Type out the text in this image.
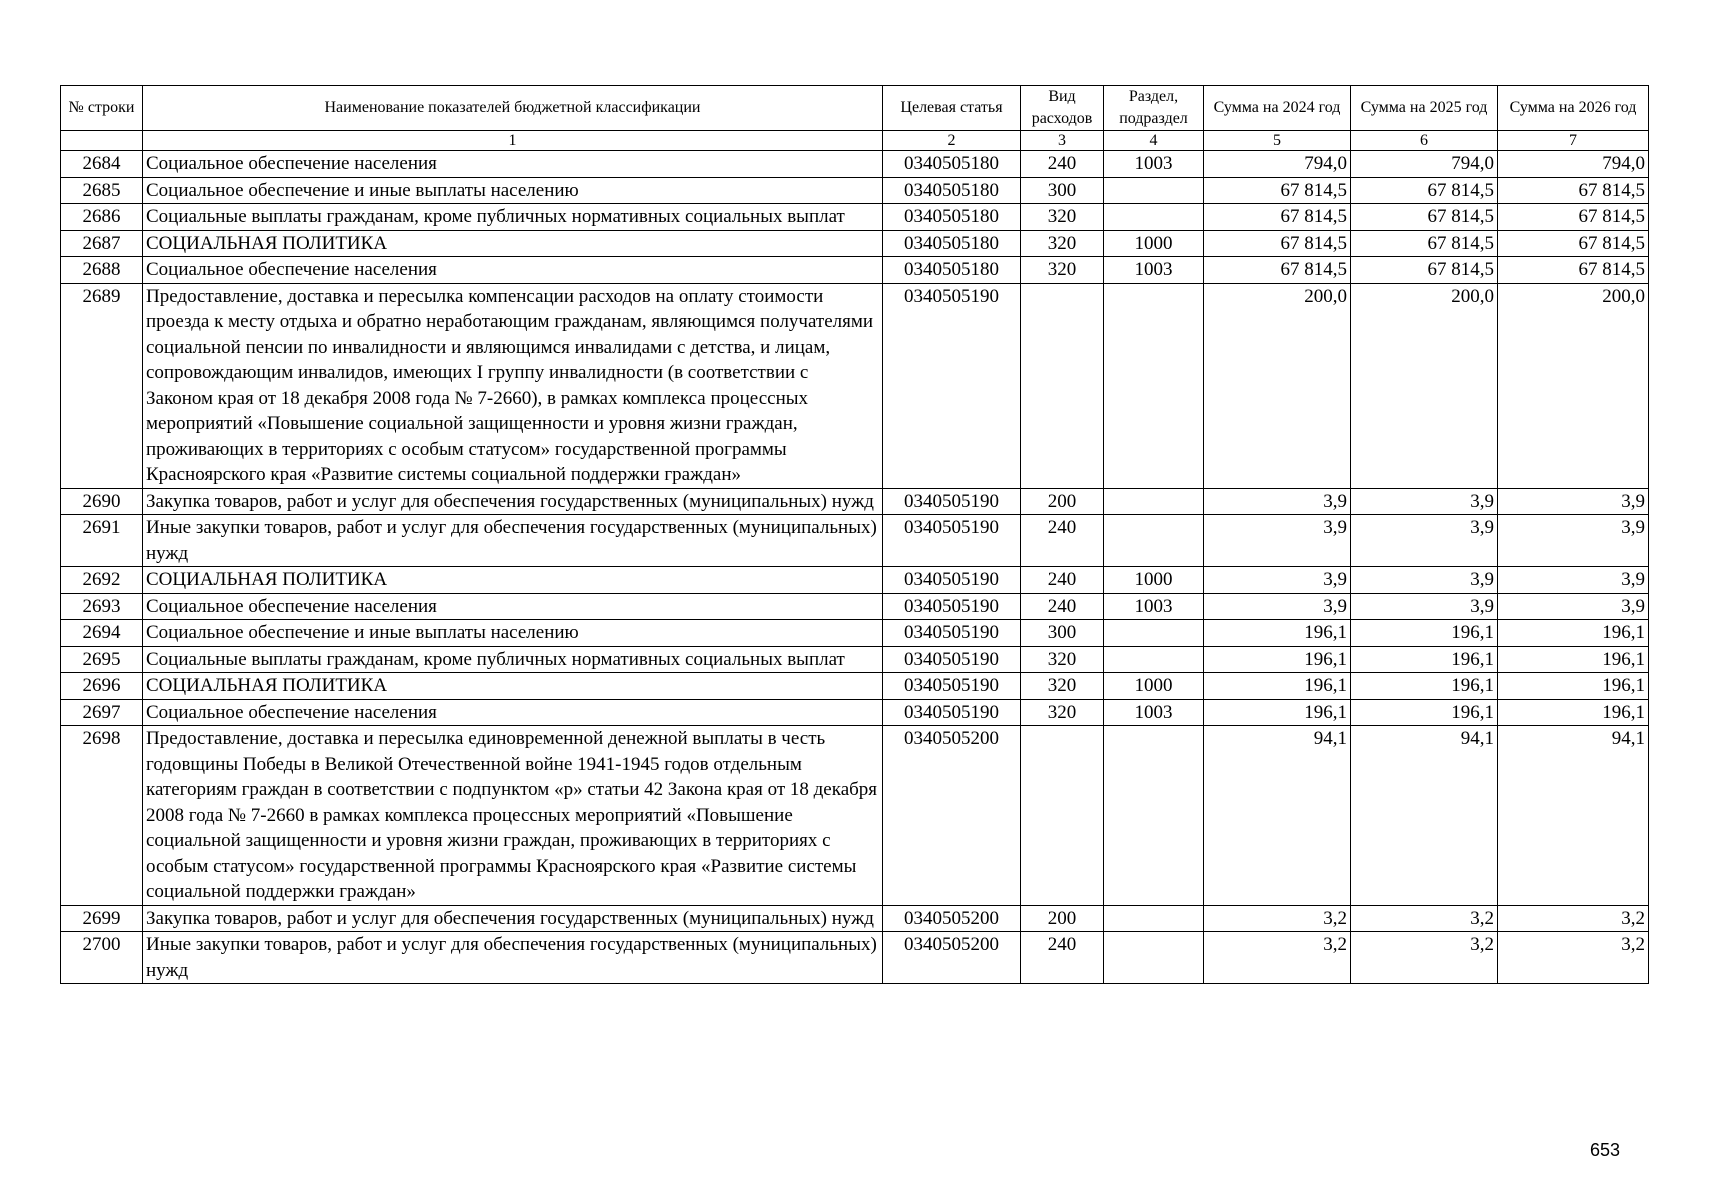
№ строки	Наименование показателей бюджетной классификации	Целевая статья	Вид расходов	Раздел, подраздел	Сумма на 2024 год	Сумма на 2025 год	Сумма на 2026 год
	1	2	3	4	5	6	7
2684	Социальное обеспечение населения	0340505180	240	1003	794,0	794,0	794,0
2685	Социальное обеспечение и иные выплаты населению	0340505180	300		67 814,5	67 814,5	67 814,5
2686	Социальные выплаты гражданам, кроме публичных нормативных социальных выплат	0340505180	320		67 814,5	67 814,5	67 814,5
2687	СОЦИАЛЬНАЯ ПОЛИТИКА	0340505180	320	1000	67 814,5	67 814,5	67 814,5
2688	Социальное обеспечение населения	0340505180	320	1003	67 814,5	67 814,5	67 814,5
2689	Предоставление, доставка и пересылка компенсации расходов на оплату стоимости проезда к месту отдыха и обратно неработающим гражданам, являющимся получателями социальной пенсии по инвалидности и являющимся инвалидами с детства, и лицам, сопровождающим инвалидов, имеющих I группу инвалидности (в соответствии с Законом края от 18 декабря 2008 года № 7-2660), в рамках комплекса процессных мероприятий «Повышение социальной защищенности и уровня жизни граждан, проживающих в территориях с особым статусом» государственной программы Красноярского края «Развитие системы социальной поддержки граждан»	0340505190			200,0	200,0	200,0
2690	Закупка товаров, работ и услуг для обеспечения государственных (муниципальных) нужд	0340505190	200		3,9	3,9	3,9
2691	Иные закупки товаров, работ и услуг для обеспечения государственных (муниципальных) нужд	0340505190	240		3,9	3,9	3,9
2692	СОЦИАЛЬНАЯ ПОЛИТИКА	0340505190	240	1000	3,9	3,9	3,9
2693	Социальное обеспечение населения	0340505190	240	1003	3,9	3,9	3,9
2694	Социальное обеспечение и иные выплаты населению	0340505190	300		196,1	196,1	196,1
2695	Социальные выплаты гражданам, кроме публичных нормативных социальных выплат	0340505190	320		196,1	196,1	196,1
2696	СОЦИАЛЬНАЯ ПОЛИТИКА	0340505190	320	1000	196,1	196,1	196,1
2697	Социальное обеспечение населения	0340505190	320	1003	196,1	196,1	196,1
2698	Предоставление, доставка и пересылка единовременной денежной выплаты в честь годовщины Победы в Великой Отечественной войне 1941-1945 годов отдельным категориям граждан в соответствии с подпунктом «р» статьи 42 Закона края от 18 декабря 2008 года № 7-2660 в рамках комплекса процессных мероприятий «Повышение социальной защищенности и уровня жизни граждан, проживающих в территориях с особым статусом» государственной программы Красноярского края «Развитие системы социальной поддержки граждан»	0340505200			94,1	94,1	94,1
2699	Закупка товаров, работ и услуг для обеспечения государственных (муниципальных) нужд	0340505200	200		3,2	3,2	3,2
2700	Иные закупки товаров, работ и услуг для обеспечения государственных (муниципальных) нужд	0340505200	240		3,2	3,2	3,2
653
